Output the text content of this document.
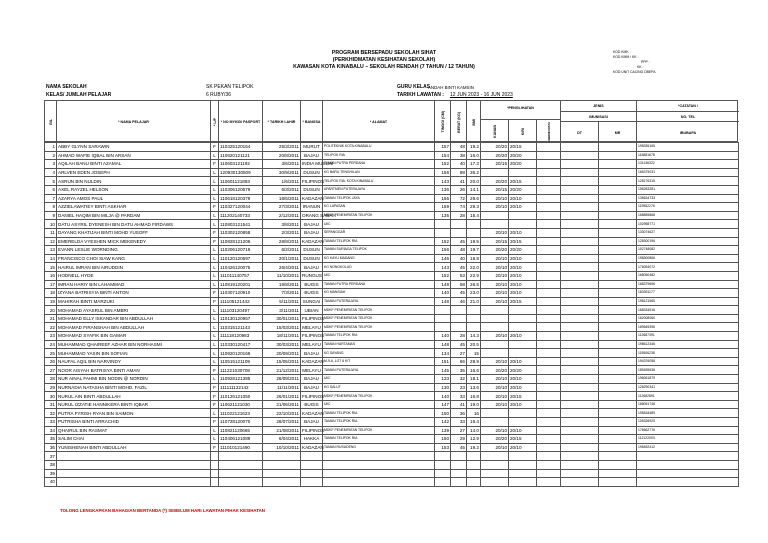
PROGRAM BERSEPADU SEKOLAH SIHAT
(PERKHIDMATAN KESIHATAN SEKOLAH)
KAWASAN KOTA KINABALU – SEKOLAH RENDAH (7 TAHUN / 12 TAHUN)
KOD KMK :
KOD KMM / KK :
PPP :
KK :
KOD UNIT CACING DBEPA
NAMA SEKOLAH
KELAS/ JUMLAH PELAJAR
SK PEKAN TELIPOK
6 RUBY/36
GURU KELAS
ANDAH BINTI KAMSIN
TARIKH LAWATAN : 12 JUN 2023 - 16 JUN 2023
BIL	* NAMA PELAJAR	* L/P	* NO MYKID/ PASPORT	* TARIKH LAHIR	* BANGSA	* ALAMAT	TINGGI (CM)	BERAT (KG)	BMI
*PENGLIHATAN
KANAN	KIRI	CERMIN MATA
JENIS
IMUNISASI
DT	MR
*CATATAN /
NO. TEL
IBUBAPA
1	ABBY GLYNN SARAWIN	F	110325120164	25/3/2011	MURUT	POLITEKNIK KOTA KINABALU	157	48	19.2	20/20	20/15				198335165
2	AHMAD WAFIE IQBAL BIN ARSAN	L	110820121121	20/8/2011	BAJAU	TELIPOK RIA	154	38	16.0	20/20	20/20				116881678
3	AQILAH BANU BINTI AZAMAL	F	110603121192	3/6/2011	INDIA MUSLIM	TAMAN PUTRA PERDANA	152	40	17.3	20/15	20/20				131136322
4	ARLVEN EDEN JOSEPH	L	120930130509	30/9/2011	DUSUN	KG BARU TENGHILAN	156	88	36.2						165379031
5	ASRUN BIN NULDIN	L	110601121893	1/6/2011	FILIPINOS	TELIPOK RIA, KOTA KINABALU	143	41	20.0	20/20	20/15				128176315
6	AXEL RAYZEL HELSON	L	110306120679	6/3/2011	DUSUN	APARTMEN PUTERAJAYA	136	26	14.1	20/15	20/20				195283281
7	AZARYA AMOS PAUL	L	110618120379	18/6/2011	KADAZAN	TAMAN TELIPOK JAYA	156	72	29.6	20/10	20/10				135634733
8	AZZIELAWATIEY BINTI ASKHAR	F	110327120044	27/3/2011	IRANUN	KG LAPASAN	159	74	29.3	20/10	20/10				119552276
9	DANIEL HAQIM BIN MILJA @ PARDAM	L	111202140733	2/12/2011	ORANG SABAH	MDKF PENEMPATAN TELIPOK	135	28	15.4						168855868
10	DATU ASYRIL DYENESH BIN DATU AHMAD FIRDAWS	L	110803121541	3/8/2011	BAJAU	UiiC									102958771
11	DAYANG KHATIJAH BINTI MOHD YUSOFF	F	110302120858	2/3/2011	BAJAU	SEPANGGAR				20/10	20/10				133074627
12	EMERELDA VYESHEN MICK MEKENEDY	F	110828121206	28/8/2011	KADAZAN	TAMAN TELIPOK RIA	152	45	19.5	20/15	20/15				128300196
13	EVANN LESLIE WORNDING	L	110206120719	6/2/2011	DUSUN	TAMAN SURIAGA TELIPOK	156	48	19.7	20/20	20/20				102748082
14	FRANCISCO CHOI SIAW KANG	L	110120120697	20/1/2011	DUSUN	KG KAYU MADANG	146	40	18.8	20/10	20/10				198300866
15	HAIRUL IMRAN BIN AIRUDDIN	L	110426120075	26/4/2011	BAJAU	KG NONGKOLUD	143	45	22.0	20/10	20/10				176054072
16	HODNELL HYDE	L	111011140757	11/10/2011	RUNGUS	UiiC	152	53	22.9	20/10	20/10				168050482
17	IMRAN HARIY BIN LAHAMMAD	L	110819120201	19/8/2011	BUGIS	TAMAN PUTRA PERDANA	148	58	26.5	20/10	20/10				168379656
18	IZYANA BATRISYIA BINTI ANTON	F	110307120910	7/3/2011	BUGIS	KG MANSIAH	140	45	23.0	20/10	20/10				183391177
19	MAHIRAH BINTI MARZUKI	F	111105121442	5/11/2011	SUNGAI	TAMAN PUTERAJAYA	148	46	21.0	20/10	20/15				198121565
20	MOHAMAD AYASRUL BIN AMBRI	L	111103120497	3/11/2011	UBIAN	MDKF PENEMPATAN TELIPOK									168334516
21	MOHAMAD ELLY ISKANDAR BIN ABDULLAH	L	110130120957	30/01/2011	FILIPINOS	MDKF PENEMPATAN TELIPOK									162008060
22	MOHAMAD FIRANSHAH BIN ABDULLAH	L	110315121143	15/03/2011	MELAYU	MDKF PENEMPATAN TELIPOK									189645396
23	MOHAMAD SYAFIK BIN GAMAR	L	111118120983	18/11/2011	FILIPINOS	TAMAN TELIPOK RIA	140	28	14.3	20/10	20/10				112687391
24	MUHAMMAD QHAIREEF AZHAR BIN NORHASMI	L	110330120417	30/03/2011	MELAYU	TAMAN HARTAMAS	148	45	20.5						198612346
25	MUHAMMAD YASIN BIN SOFIAN	L	110920120169	20/09/2011	BAJAU	KG SAYANG	134	27	15						115506238
26	NAUFAL AQIL BIN NARVINDY	L	110515121109	15/05/2011	KADAZAN	M-9-6, LOT 6 K/T	151	66	28.9	20/10	20/10				194376058
27	NOOR AISYAH BATRISYA BINTI AMAN	F	111221030708	21/12/2011	MELAYU	TAMAN PUTERAJAYA	145	35	16.6	20/20	20/20				189459636
28	NUR AINAL FAHMI BIN NODIN @ NORDIN	L	110928121385	28/09/2011	BAJAU	UiiC	133	32	18.1	20/10	20/10				196061879
29	NURNADIA NATASHA BINTI MOHD. FAZIL	F	111111122142	11/11/2011	BAJAU	KG SALUT	130	23	13.6	20/10	20/10				128290341
30	NURUL AIN BINTI ABDULLAH	F	110126121050	26/01/2011	FILIPINOS	MDKF PENEMPATAN TELIPOK	140	33	16.8	20/10	20/15				112682891
31	NURUL IZZATIE HANNIKERA BINTI IQBAR	F	110621121030	21/06/2011	BUGIS	UiiC	147	41	19.0	20/10	20/10				168051746
32	PUTRA FYRISH RYAN BIN SAIMON	L	111022121623	22/10/2011	KADAZAN	TAMAN TELIPOK RIA	150	36	16						195818489
33	PUTRISHA BINTI ARRACHID	F	110728120070	28/07/2011	BAJAU	TAMAN TELIPOK RIA	142	33	16.4						105326920
34	QHAIRUL BIN RASMAT	L	110821120665	21/08/2011	FILIPINOS	MDKF PENEMPATAN TELIPOK	139	27	14.0	20/10	20/10				176562776
35	SALIM CHAI	L	110406121089	6/04/2011	HAKKA	TAMAN TELIPOK RIA	150	29	12.9	20/20	20/15				112122003
36	YUNISHENAH BINTI ABDULLAH	F	111010121490	10/10/2011	KADAZAN	TAMAN RUSUDENG	153	45	19.2	20/10	20/10				195452412
37															
38															
39															
40															
TOLONG LENGKAPKAN BAHAGIAN BERTANDA (*) SEBELUM HARI LAWATAN PIHAK KESIHATAN
